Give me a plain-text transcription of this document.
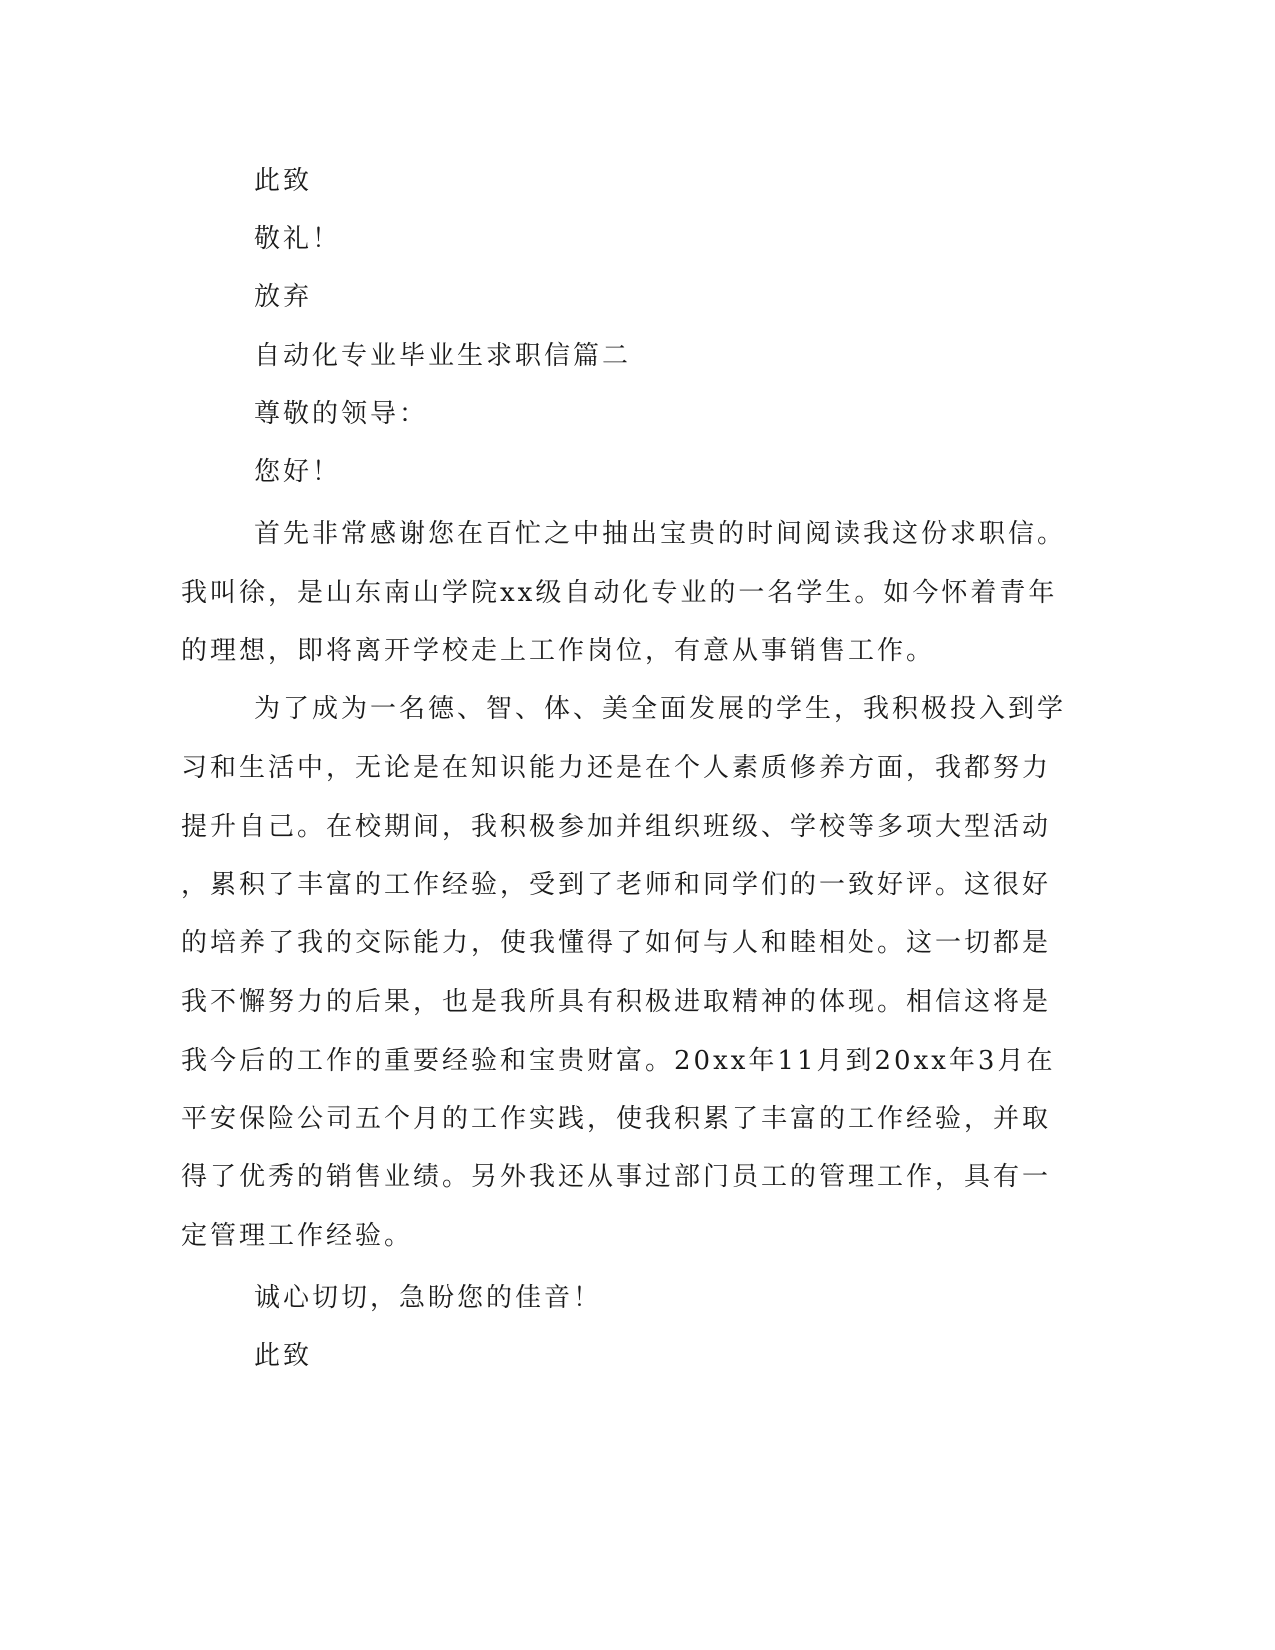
此致
敬礼！
放弃
自动化专业毕业生求职信篇二
尊敬的领导：
您好！
首先非常感谢您在百忙之中抽出宝贵的时间阅读我这份求职信。
我叫徐，是山东南山学院xx级自动化专业的一名学生。如今怀着青年
的理想，即将离开学校走上工作岗位，有意从事销售工作。
为了成为一名德、智、体、美全面发展的学生，我积极投入到学
习和生活中，无论是在知识能力还是在个人素质修养方面，我都努力
提升自己。在校期间，我积极参加并组织班级、学校等多项大型活动
，累积了丰富的工作经验，受到了老师和同学们的一致好评。这很好
的培养了我的交际能力，使我懂得了如何与人和睦相处。这一切都是
我不懈努力的后果，也是我所具有积极进取精神的体现。相信这将是
我今后的工作的重要经验和宝贵财富。20xx年11月到20xx年3月在
平安保险公司五个月的工作实践，使我积累了丰富的工作经验，并取
得了优秀的销售业绩。另外我还从事过部门员工的管理工作，具有一
定管理工作经验。
诚心切切，急盼您的佳音！
此致
